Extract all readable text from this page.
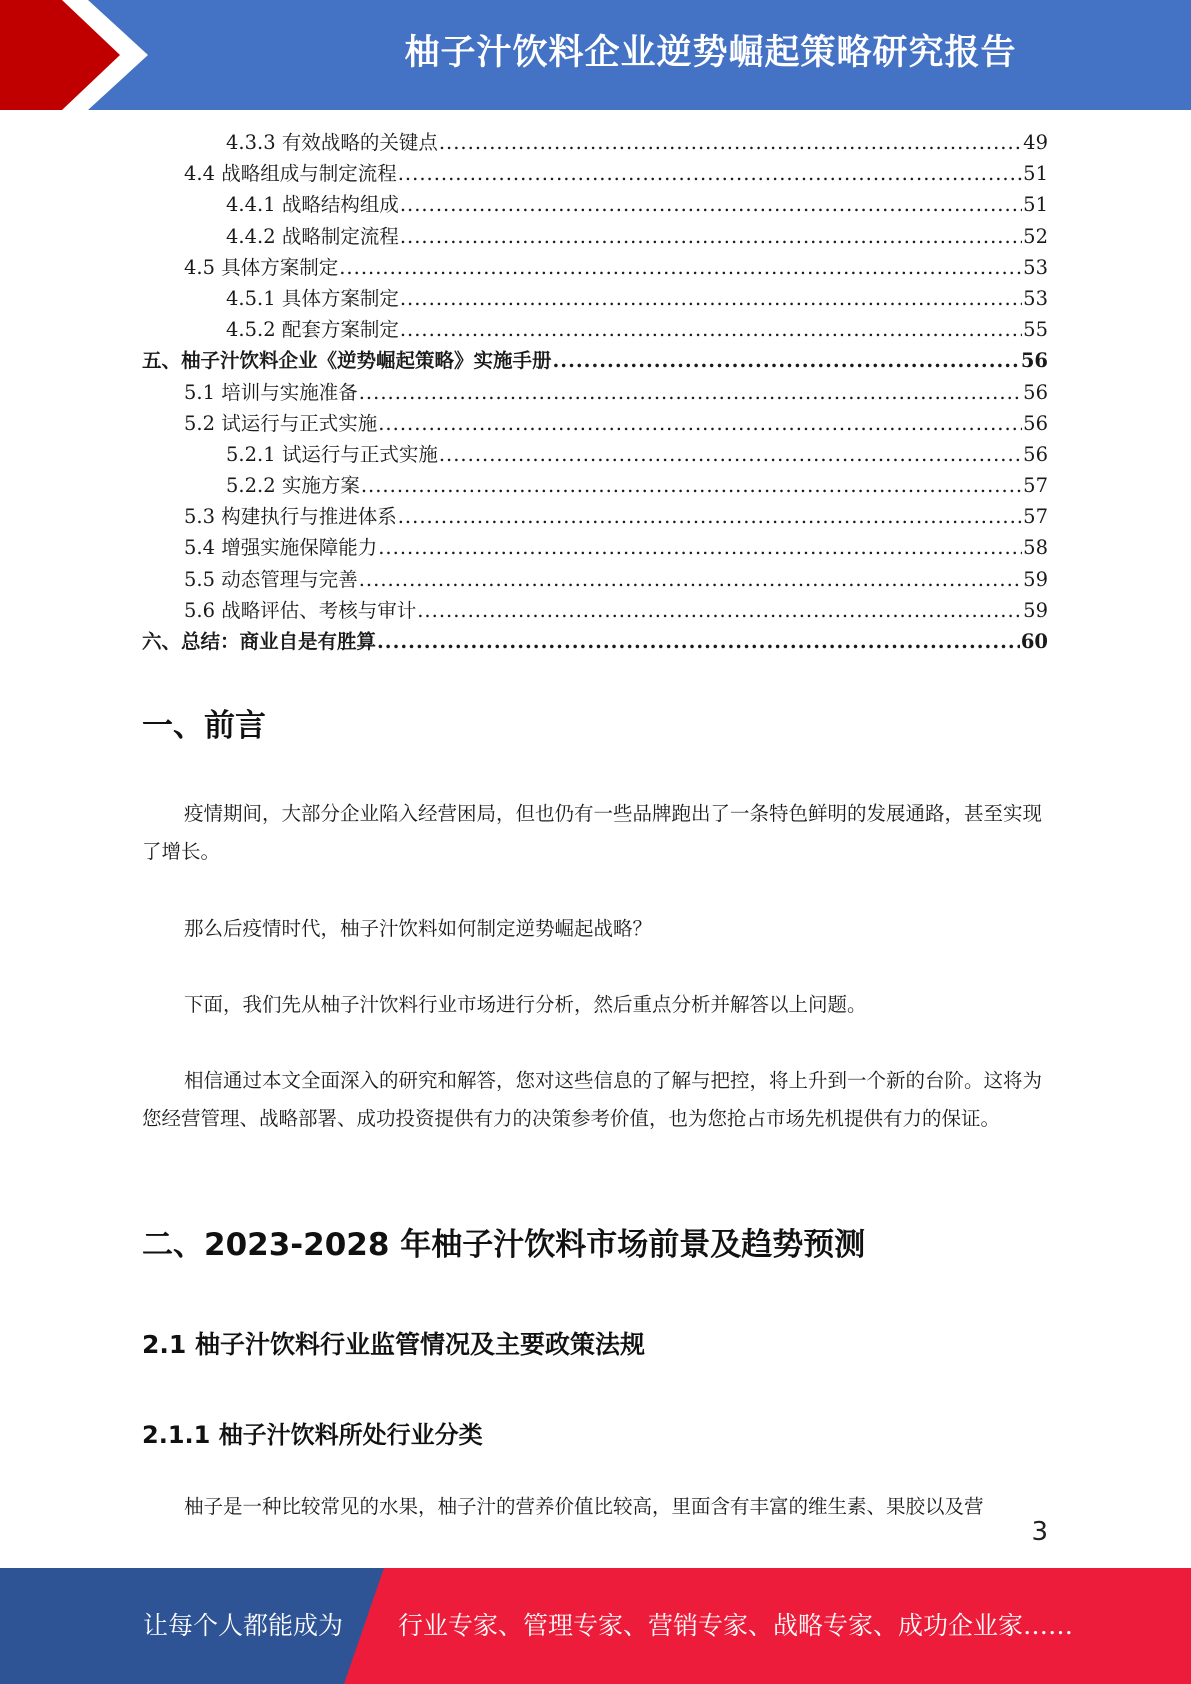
柚子汁饮料企业逆势崛起策略研究报告
4.3.3 有效战略的关键点 .....	49
4.4 战略组成与制定流程 .....	51
4.4.1 战略结构组成 .....	51
4.4.2 战略制定流程 .....	52
4.5 具体方案制定 .....	53
4.5.1 具体方案制定 .....	53
4.5.2 配套方案制定 .....	55
五、柚子汁饮料企业《逆势崛起策略》实施手册 .....	56
5.1 培训与实施准备 .....	56
5.2 试运行与正式实施 .....	56
5.2.1 试运行与正式实施 .....	56
5.2.2 实施方案 .....	57
5.3 构建执行与推进体系 .....	57
5.4 增强实施保障能力 .....	58
5.5 动态管理与完善 .....	59
5.6 战略评估、考核与审计 .....	59
六、总结：商业自是有胜算 .....	60
一、前言

疫情期间，大部分企业陷入经营困局，但也仍有一些品牌跑出了一条特色鲜明的发展通路，甚至实现了增长。

那么后疫情时代，柚子汁饮料如何制定逆势崛起战略？

下面，我们先从柚子汁饮料行业市场进行分析，然后重点分析并解答以上问题。

相信通过本文全面深入的研究和解答，您对这些信息的了解与把控，将上升到一个新的台阶。这将为您经营管理、战略部署、成功投资提供有力的决策参考价值，也为您抢占市场先机提供有力的保证。

二、2023-2028 年柚子汁饮料市场前景及趋势预测
2.1 柚子汁饮料行业监管情况及主要政策法规
2.1.1 柚子汁饮料所处行业分类

柚子是一种比较常见的水果，柚子汁的营养价值比较高，里面含有丰富的维生素、果胶以及营

3
让每个人都能成为 行业专家、管理专家、营销专家、战略专家、成功企业家……
